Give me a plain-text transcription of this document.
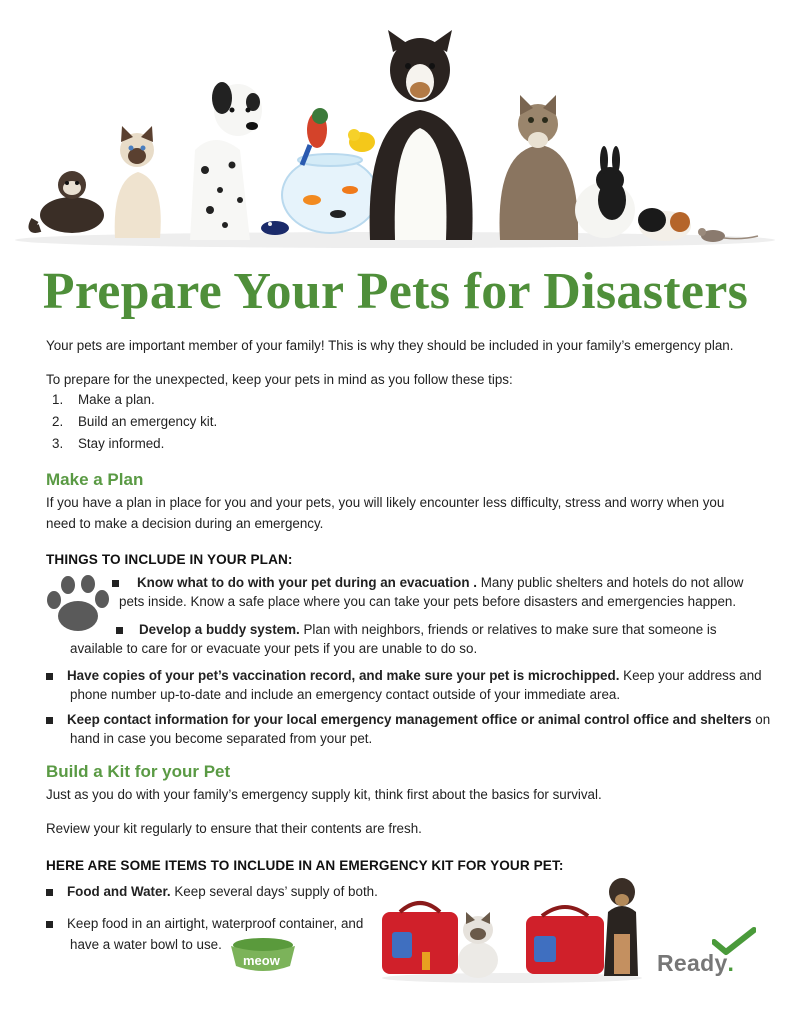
Prepare Your Pets for Disasters

Your pets are important member of your family! This is why they should be included in your family’s emergency plan.

To prepare for the unexpected, keep your pets in mind as you follow these tips:

1. Make a plan.
2. Build an emergency kit.
3. Stay informed.
Make a Plan

If you have a plan in place for you and your pets, you will likely encounter less difficulty, stress and worry when you

need to make a decision during an emergency.

THINGS TO INCLUDE IN YOUR PLAN:
Know what to do with your pet during an evacuation . Many public shelters and hotels do not allow
pets inside. Know a safe place where you can take your pets before disasters and emergencies happen.
Develop a buddy system. Plan with neighbors, friends or relatives to make sure that someone is
available to care for or evacuate your pets if you are unable to do so.
Have copies of your pet’s vaccination record, and make sure your pet is microchipped. Keep your address and
phone number up-to-date and include an emergency contact outside of your immediate area.
Keep contact information for your local emergency management office or animal control office and shelters on
hand in case you become separated from your pet.
Build a Kit for your Pet

Just as you do with your family’s emergency supply kit, think first about the basics for survival.

Review your kit regularly to ensure that their contents are fresh.

HERE ARE SOME ITEMS TO INCLUDE IN AN EMERGENCY KIT FOR YOUR PET:
Food and Water. Keep several days’ supply of both.
Keep food in an airtight, waterproof container, and
have a water bowl to use.
meow	Ready.
